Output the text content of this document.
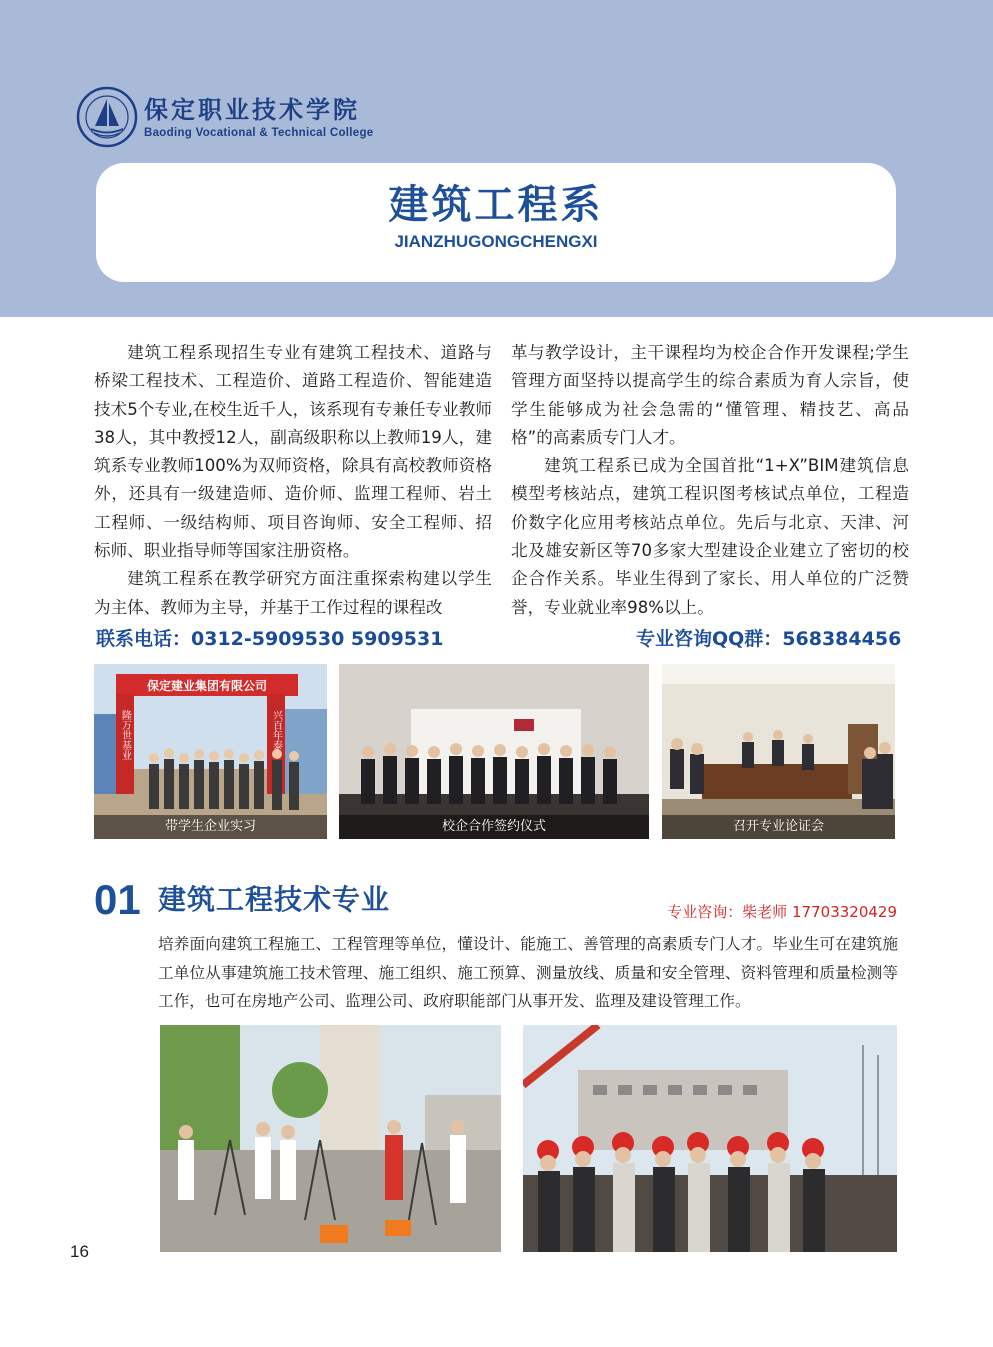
保定职业技术学院
Baoding Vocational & Technical College
建筑工程系
JIANZHUGONGCHENGXI

建筑工程系现招生专业有建筑工程技术、道路与桥梁工程技术、工程造价、道路工程造价、智能建造技术5个专业,在校生近千人，该系现有专兼任专业教师38人，其中教授12人，副高级职称以上教师19人，建筑系专业教师100%为双师资格，除具有高校教师资格外，还具有一级建造师、造价师、监理工程师、岩土工程师、一级结构师、项目咨询师、安全工程师、招标师、职业指导师等国家注册资格。

建筑工程系在教学研究方面注重探索构建以学生为主体、教师为主导，并基于工作过程的课程改

革与教学设计，主干课程均为校企合作开发课程;学生管理方面坚持以提高学生的综合素质为育人宗旨，使学生能够成为社会急需的“懂管理、精技艺、高品格”的高素质专门人才。

建筑工程系已成为全国首批“1+X”BIM建筑信息模型考核站点，建筑工程识图考核试点单位，工程造价数字化应用考核站点单位。先后与北京、天津、河北及雄安新区等70多家大型建设企业建立了密切的校企合作关系。毕业生得到了家长、用人单位的广泛赞誉，专业就业率98%以上。

联系电话：0312-5909530 5909531	专业咨询QQ群：568384456
保定建业集团有限公司
隆万世基业	兴百年泰
带学生企业实习	校企合作签约仪式	召开专业论证会
01 建筑工程技术专业	专业咨询：柴老师 17703320429
培养面向建筑工程施工、工程管理等单位，懂设计、能施工、善管理的高素质专门人才。毕业生可在建筑施工单位从事建筑施工技术管理、施工组织、施工预算、测量放线、质量和安全管理、资料管理和质量检测等工作，也可在房地产公司、监理公司、政府职能部门从事开发、监理及建设管理工作。
16
